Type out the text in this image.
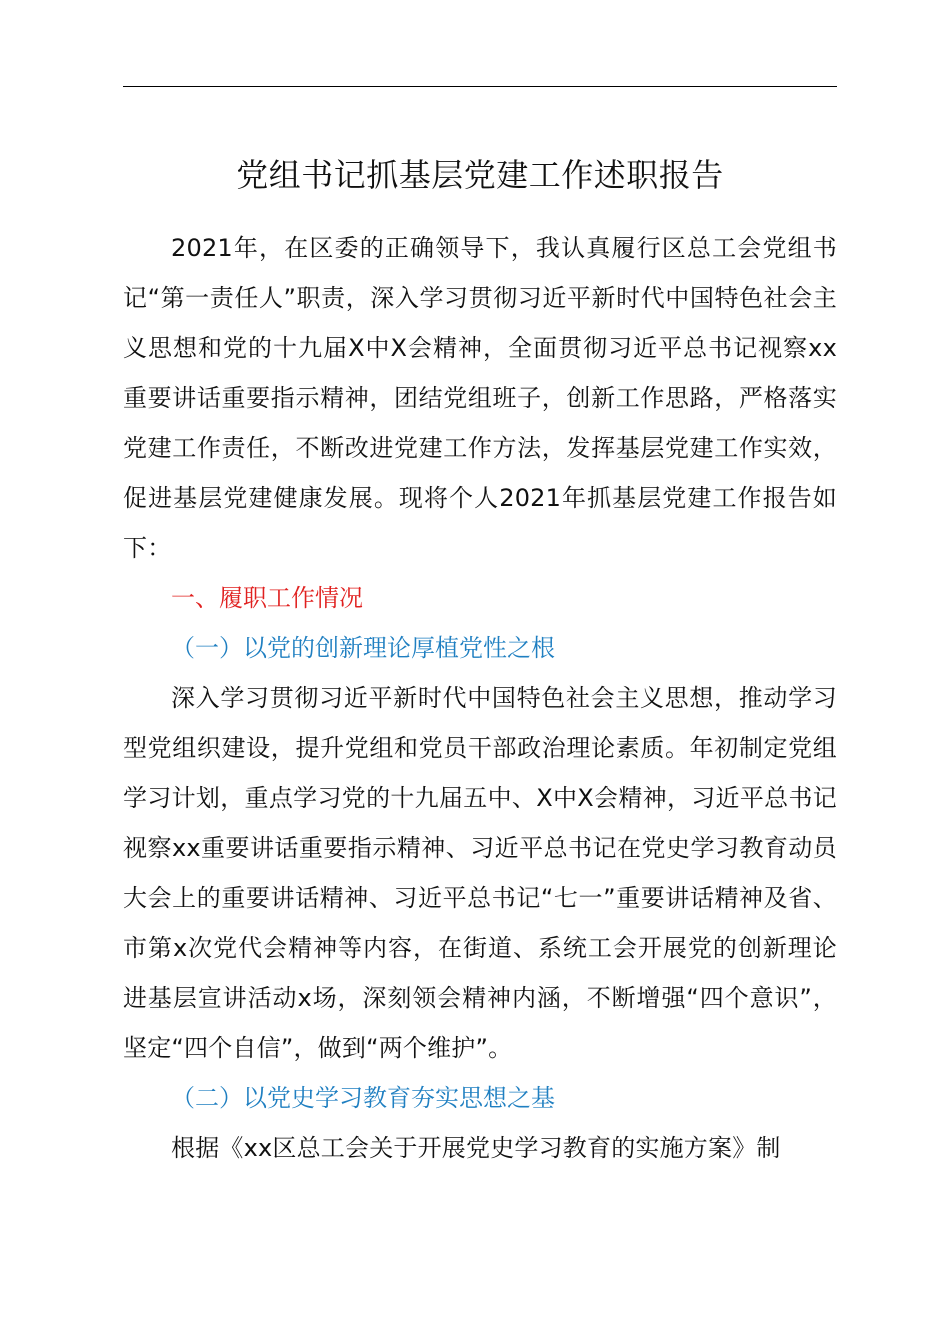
党组书记抓基层党建工作述职报告

2021年，在区委的正确领导下，我认真履行区总工会党组书记“第一责任人”职责，深入学习贯彻习近平新时代中国特色社会主义思想和党的十九届X中X会精神，全面贯彻习近平总书记视察xx重要讲话重要指示精神，团结党组班子，创新工作思路，严格落实党建工作责任，不断改进党建工作方法，发挥基层党建工作实效，促进基层党建健康发展。现将个人2021年抓基层党建工作报告如下：

一、履职工作情况

（一）以党的创新理论厚植党性之根

深入学习贯彻习近平新时代中国特色社会主义思想，推动学习型党组织建设，提升党组和党员干部政治理论素质。年初制定党组学习计划，重点学习党的十九届五中、X中X会精神，习近平总书记视察xx重要讲话重要指示精神、习近平总书记在党史学习教育动员大会上的重要讲话精神、习近平总书记“七一”重要讲话精神及省、市第x次党代会精神等内容，在街道、系统工会开展党的创新理论进基层宣讲活动x场，深刻领会精神内涵，不断增强“四个意识”，坚定“四个自信”，做到“两个维护”。

（二）以党史学习教育夯实思想之基

根据《xx区总工会关于开展党史学习教育的实施方案》制
